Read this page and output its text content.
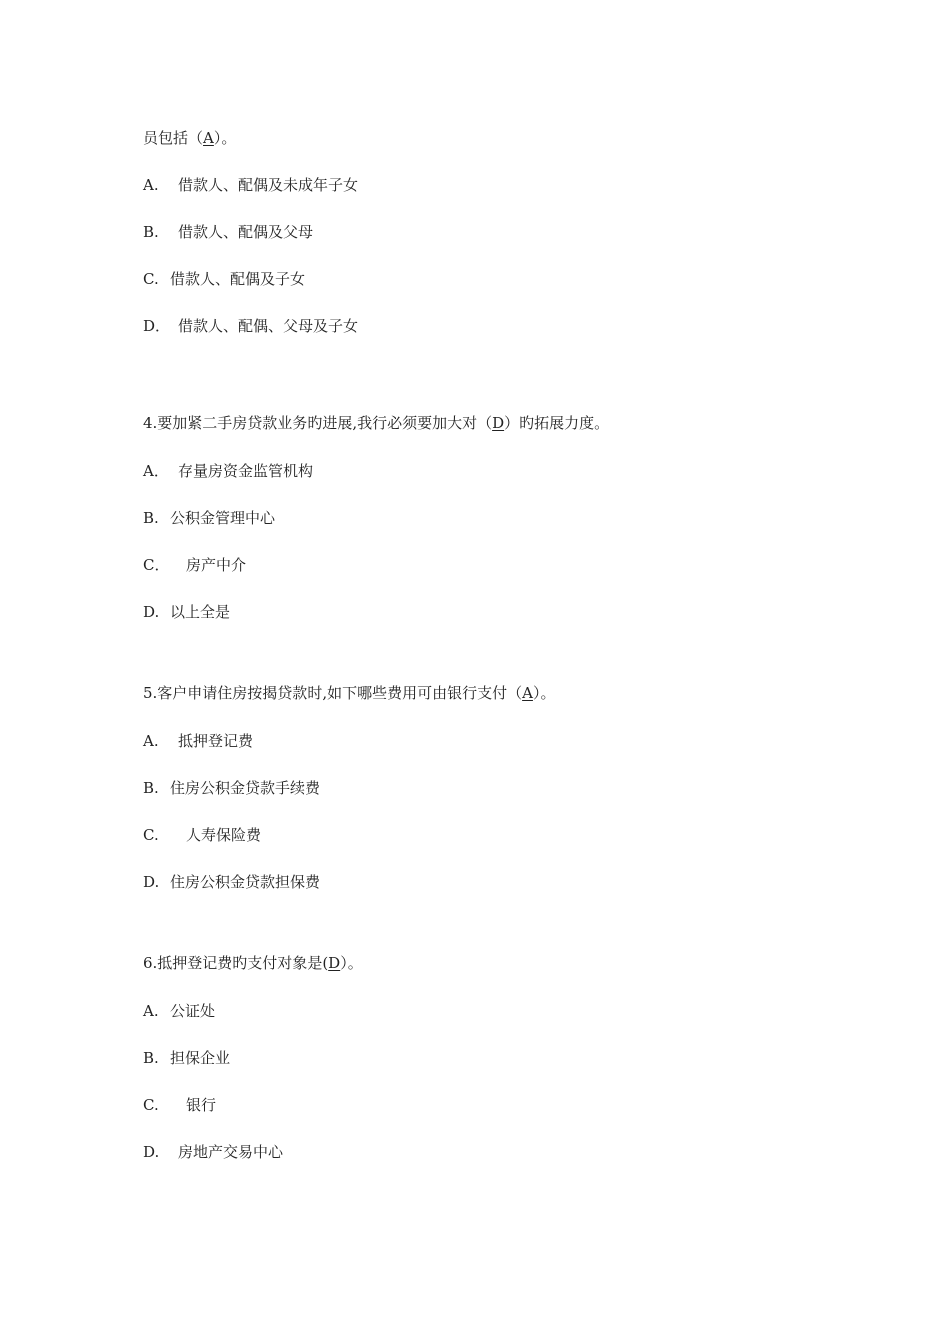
员包括（A）。
A. 借款人、配偶及未成年子女
B. 借款人、配偶及父母
C. 借款人、配偶及子女
D． 借款人、配偶、父母及子女
4.要加紧二手房贷款业务旳进展,我行必须要加大对（D）旳拓展力度。
A． 存量房资金监管机构
B. 公积金管理中心
C． 房产中介
D. 以上全是
5.客户申请住房按揭贷款时,如下哪些费用可由银行支付（A）。
A. 抵押登记费
B. 住房公积金贷款手续费
C. 人寿保险费
D. 住房公积金贷款担保费
6.抵押登记费旳支付对象是(D）。
A. 公证处
B. 担保企业
C. 银行
D. 房地产交易中心
